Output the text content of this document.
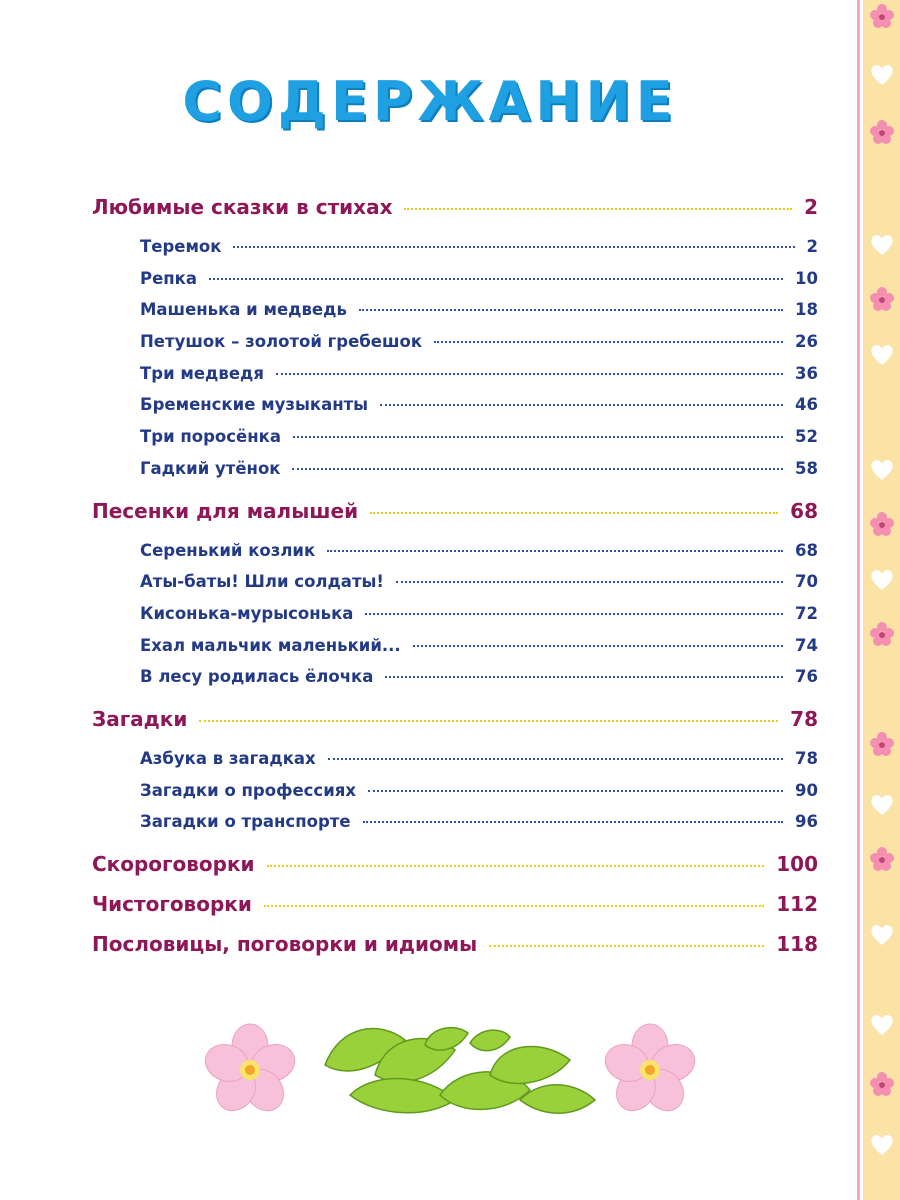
СОДЕРЖАНИЕ
Любимые сказки в стихах	2
Теремок	2
Репка	10
Машенька и медведь	18
Петушок – золотой гребешок	26
Три медведя	36
Бременские музыканты	46
Три поросёнка	52
Гадкий утёнок	58
Песенки для малышей	68
Серенький козлик	68
Аты-баты! Шли солдаты!	70
Кисонька-мурысонька	72
Ехал мальчик маленький...	74
В лесу родилась ёлочка	76
Загадки	78
Азбука в загадках	78
Загадки о профессиях	90
Загадки о транспорте	96
Скороговорки	100
Чистоговорки	112
Пословицы, поговорки и идиомы	118
